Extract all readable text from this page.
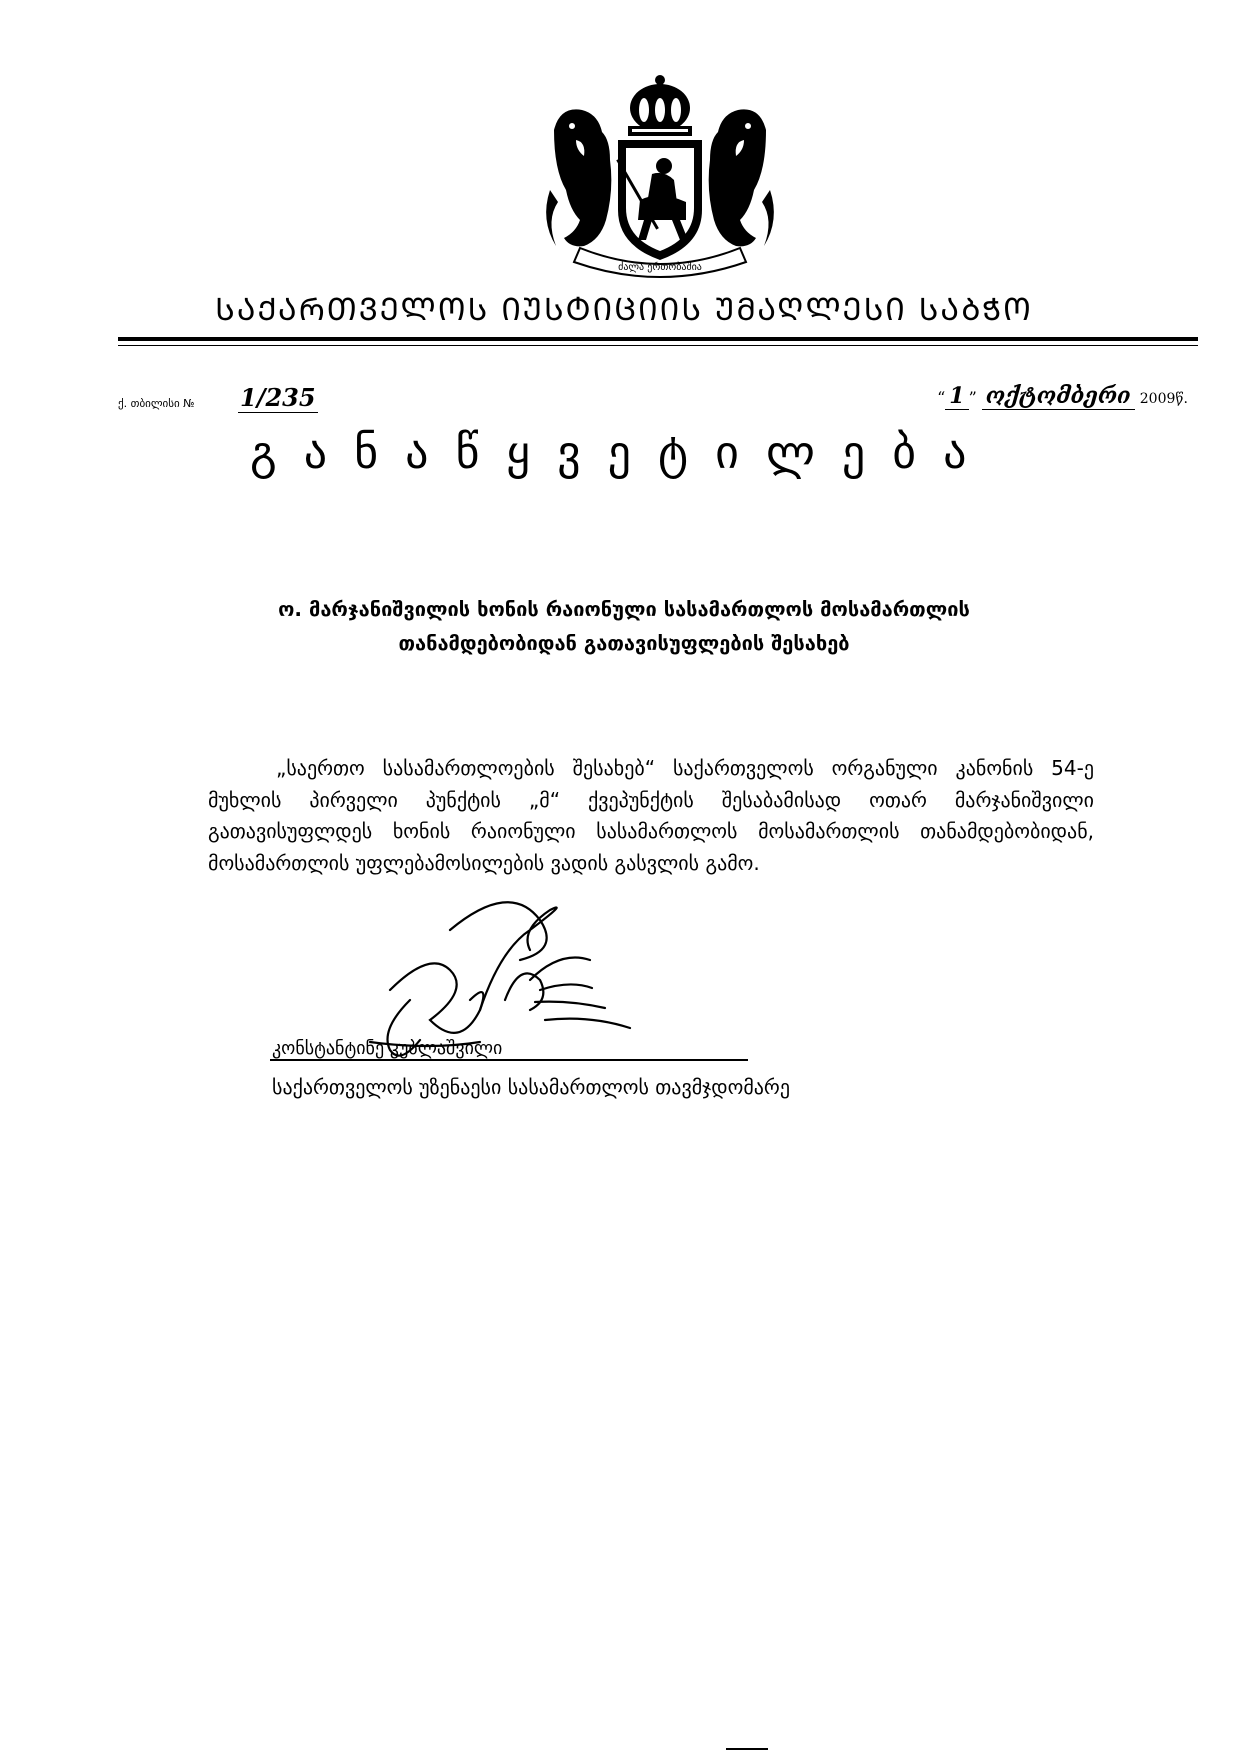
ძალა ერთობაშია
ᲡᲐᲥᲐᲠᲗᲕᲔᲚᲝᲡ ᲘᲣᲡᲢᲘᲪᲘᲘᲡ ᲣᲛᲐᲦᲚᲔᲡᲘ ᲡᲐᲑᲭᲝ
ქ. თბილისი № 1/235	“ 1 ” ოქტომბერი 2009წ.
განაწყვეტილება
ო. მარჯანიშვილის ხონის რაიონული სასამართლოს მოსამართლის
თანამდებობიდან გათავისუფლების შესახებ
„საერთო სასამართლოების შესახებ“ საქართველოს ორგანული კანონის 54-ე მუხლის პირველი პუნქტის „მ“ ქვეპუნქტის შესაბამისად ოთარ მარჯანიშვილი გათავისუფლდეს ხონის რაიონული სასამართლოს მოსამართლის თანამდებობიდან, მოსამართლის უფლებამოსილების ვადის გასვლის გამო.
კონსტანტინე კუბლაშვილი
საქართველოს უზენაესი სასამართლოს თავმჯდომარე
